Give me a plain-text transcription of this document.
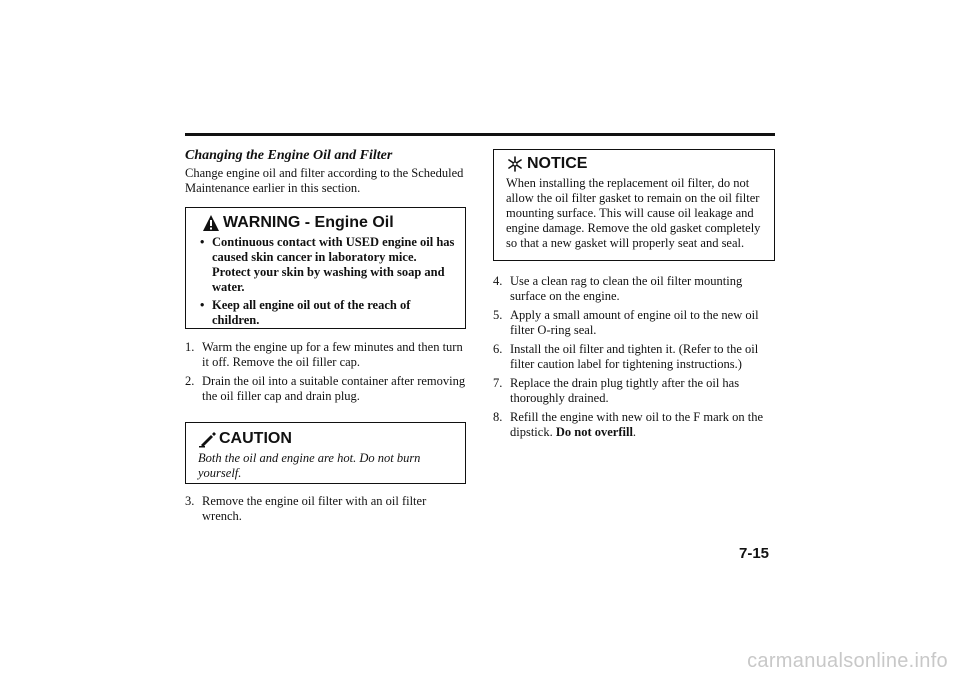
Changing the Engine Oil and Filter

Change engine oil and filter according to the Scheduled Maintenance earlier in this section.

WARNING - Engine Oil
• Continuous contact with USED engine oil has caused skin cancer in laboratory mice. Protect your skin by washing with soap and water.
• Keep all engine oil out of the reach of children.
1. Warm the engine up for a few minutes and then turn it off. Remove the oil filler cap.
2. Drain the oil into a suitable container after removing the oil filler cap and drain plug.
CAUTION

Both the oil and engine are hot. Do not burn yourself.

3. Remove the engine oil filter with an oil filter wrench.
NOTICE

When installing the replacement oil filter, do not allow the oil filter gasket to remain on the oil filter mounting surface. This will cause oil leakage and engine damage. Remove the old gasket completely so that a new gasket will properly seat and seal.

4. Use a clean rag to clean the oil filter mounting surface on the engine.
5. Apply a small amount of engine oil to the new oil filter O-ring seal.
6. Install the oil filter and tighten it. (Refer to the oil filter caution label for tightening instructions.)
7. Replace the drain plug tightly after the oil has thoroughly drained.
8. Refill the engine with new oil to the F mark on the dipstick. Do not overfill.
7-15
carmanualsonline.info
